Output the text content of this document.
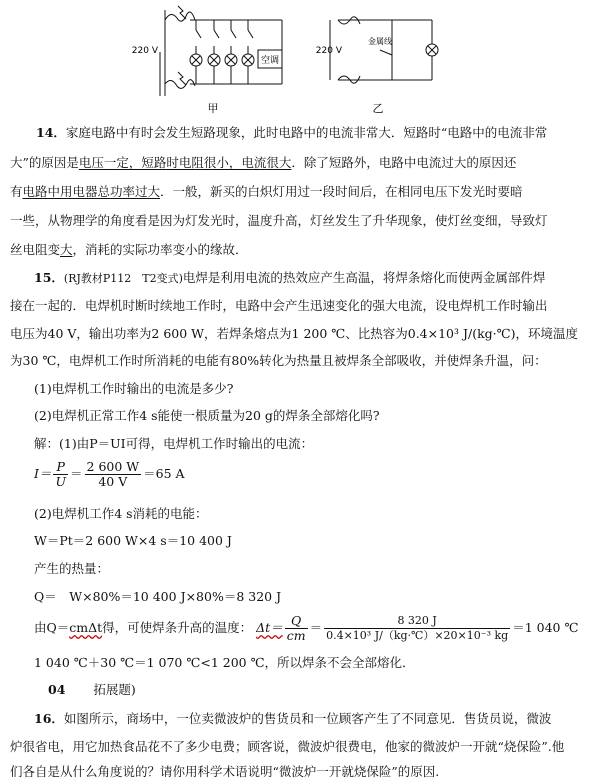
220 V
空调
甲
220 V
金属线
乙
14．家庭电路中有时会发生短路现象，此时电路中的电流非常大．短路时“电路中的电流非常
大”的原因是电压一定，短路时电阻很小，电流很大．除了短路外，电路中电流过大的原因还
有电路中用电器总功率过大．一般，新买的白炽灯用过一段时间后，在相同电压下发光时要暗
一些，从物理学的角度看是因为灯发光时，温度升高，灯丝发生了升华现象，使灯丝变细，导致灯
丝电阻变大，消耗的实际功率变小的缘故．
15．(RJ教材P112　T2变式)电焊是利用电流的热效应产生高温，将焊条熔化而使两金属部件焊
接在一起的．电焊机时断时续地工作时，电路中会产生迅速变化的强大电流，设电焊机工作时输出
电压为40 V，输出功率为2 600 W，若焊条熔点为1 200 ℃、比热容为0.4×10³ J/(kg·℃)，环境温度
为30 ℃，电焊机工作时所消耗的电能有80%转化为热量且被焊条全部吸收，并使焊条升温，问：
(1)电焊机工作时输出的电流是多少?
(2)电焊机正常工作4 s能使一根质量为20 g的焊条全部熔化吗?
解：(1)由P＝UI可得，电焊机工作时输出的电流：
$I= \frac{P}{U} = \frac{2 600 W}{40 V} =65$ A
(2)电焊机工作4 s消耗的电能：
W＝Pt＝2 600 W×4 s＝10 400 J
产生的热量：
Q＝　W×80%＝10 400 J×80%＝8 320 J
由Q＝cmΔt得，可使焊条升高的温度： $\Delta t= \frac{Q}{cm} = \frac{8 320 J}{\text{0.4×10³ J/（kg·℃）×20×10⁻³ kg}} =1$ 040 ℃
1 040 ℃＋30 ℃＝1 070 ℃<1 200 ℃，所以焊条不会全部熔化．
04 拓展题)
16．如图所示，商场中，一位卖微波炉的售货员和一位顾客产生了不同意见．售货员说，微波
炉很省电，用它加热食品花不了多少电费；顾客说，微波炉很费电，他家的微波炉一开就“烧保险”.他
们各自是从什么角度说的？请你用科学术语说明“微波炉一开就烧保险”的原因.
